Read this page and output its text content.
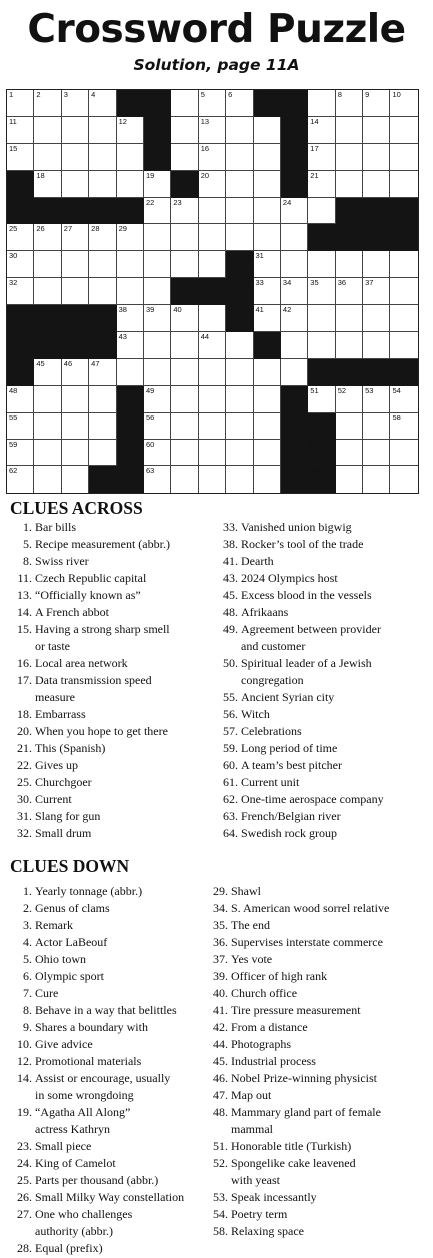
Crossword Puzzle
Solution, page 11A
1	2	3	4	5	6	7	8	9	10
11	12	13	14
15	16	17
18	19	20	21
22	23	24
25	26	27	28	29
30	31
32	33	34	35	36	37
38	39	40	41	42
43	44
45	46	47
48	49	50	51	52	53	54
55	56	57	58
59	60	61
62	63	64
CLUES ACROSS
1. Bar bills
5. Recipe measurement (abbr.)
8. Swiss river
11. Czech Republic capital
13. “Officially known as”
14. A French abbot
15. Having a strong sharp smell
or taste
16. Local area network
17. Data transmission speed
measure
18. Embarrass
20. When you hope to get there
21. This (Spanish)
22. Gives up
25. Churchgoer
30. Current
31. Slang for gun
32. Small drum
33. Vanished union bigwig
38. Rocker’s tool of the trade
41. Dearth
43. 2024 Olympics host
45. Excess blood in the vessels
48. Afrikaans
49. Agreement between provider
and customer
50. Spiritual leader of a Jewish
congregation
55. Ancient Syrian city
56. Witch
57. Celebrations
59. Long period of time
60. A team’s best pitcher
61. Current unit
62. One-time aerospace company
63. French/Belgian river
64. Swedish rock group
CLUES DOWN
1. Yearly tonnage (abbr.)
2. Genus of clams
3. Remark
4. Actor LaBeouf
5. Ohio town
6. Olympic sport
7. Cure
8. Behave in a way that belittles
9. Shares a boundary with
10. Give advice
12. Promotional materials
14. Assist or encourage, usually
in some wrongdoing
19. “Agatha All Along”
actress Kathryn
23. Small piece
24. King of Camelot
25. Parts per thousand (abbr.)
26. Small Milky Way constellation
27. One who challenges
authority (abbr.)
28. Equal (prefix)
29. Shawl
34. S. American wood sorrel relative
35. The end
36. Supervises interstate commerce
37. Yes vote
39. Officer of high rank
40. Church office
41. Tire pressure measurement
42. From a distance
44. Photographs
45. Industrial process
46. Nobel Prize-winning physicist
47. Map out
48. Mammary gland part of female
mammal
51. Honorable title (Turkish)
52. Spongelike cake leavened
with yeast
53. Speak incessantly
54. Poetry term
58. Relaxing space
